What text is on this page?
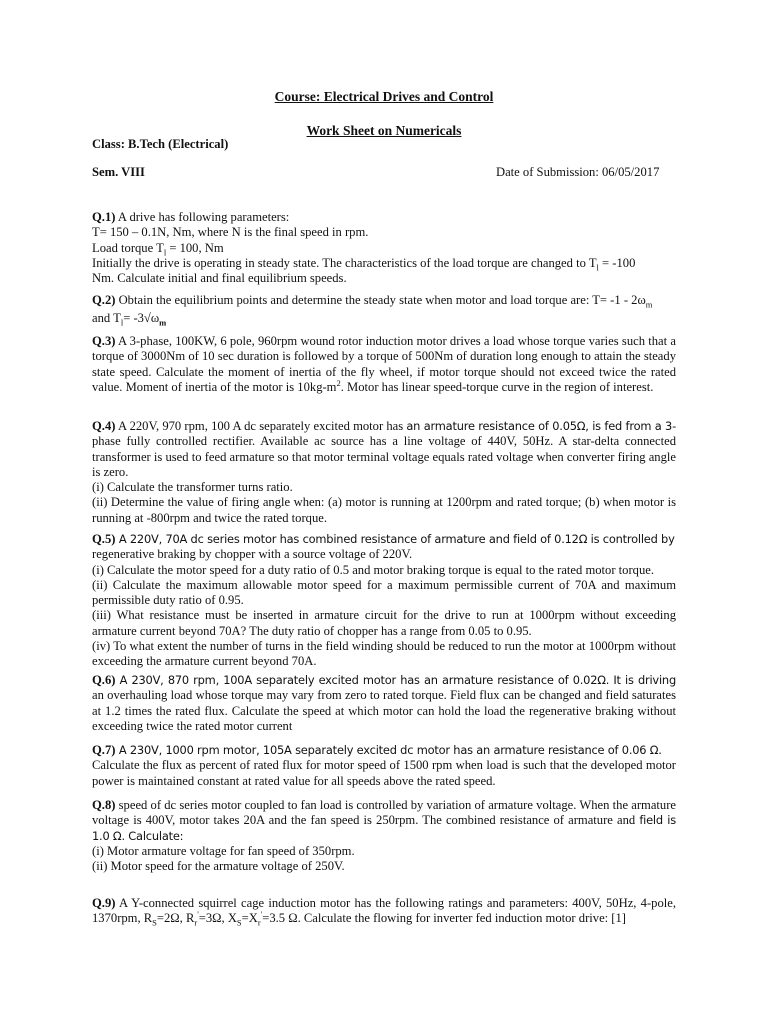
Course: Electrical Drives and Control
Work Sheet on Numericals
Class: B.Tech (Electrical)
Sem. VIII	Date of Submission: 06/05/2017

Q.1) A drive has following parameters:

T= 150 – 0.1N, Nm, where N is the final speed in rpm.

Load torque $T_l = 100$, Nm

Initially the drive is operating in steady state. The characteristics of the load torque are changed to $T_l = -100$

Nm. Calculate initial and final equilibrium speeds.

Q.2) Obtain the equilibrium points and determine the steady state when motor and load torque are: $T= -1 - 2\omega_m$

and $T_l= -3√\omega_m$

Q.3) A 3-phase, 100KW, 6 pole, 960rpm wound rotor induction motor drives a load whose torque varies such that a torque of 3000Nm of 10 sec duration is followed by a torque of 500Nm of duration long enough to attain the steady state speed. Calculate the moment of inertia of the fly wheel, if motor torque should not exceed twice the rated value. Moment of inertia of the motor is $10kg-m^2$. Motor has linear speed-torque curve in the region of interest.

Q.4) A 220V, 970 rpm, 100 A dc separately excited motor has an armature resistance of 0.05Ω, is fed from a 3-phase fully controlled rectifier. Available ac source has a line voltage of 440V, 50Hz. A star-delta connected transformer is used to feed armature so that motor terminal voltage equals rated voltage when converter firing angle is zero.

(i) Calculate the transformer turns ratio.

(ii) Determine the value of firing angle when: (a) motor is running at 1200rpm and rated torque; (b) when motor is running at -800rpm and twice the rated torque.

Q.5) A 220V, 70A dc series motor has combined resistance of armature and field of 0.12Ω is controlled by

regenerative braking by chopper with a source voltage of 220V.

(i) Calculate the motor speed for a duty ratio of 0.5 and motor braking torque is equal to the rated motor torque.

(ii) Calculate the maximum allowable motor speed for a maximum permissible current of 70A and maximum permissible duty ratio of 0.95.

(iii) What resistance must be inserted in armature circuit for the drive to run at 1000rpm without exceeding armature current beyond 70A? The duty ratio of chopper has a range from 0.05 to 0.95.

(iv) To what extent the number of turns in the field winding should be reduced to run the motor at 1000rpm without exceeding the armature current beyond 70A.

Q.6) A 230V, 870 rpm, 100A separately excited motor has an armature resistance of 0.02Ω. It is driving an overhauling load whose torque may vary from zero to rated torque. Field flux can be changed and field saturates at 1.2 times the rated flux. Calculate the speed at which motor can hold the load the regenerative braking without exceeding twice the rated motor current

Q.7) A 230V, 1000 rpm motor, 105A separately excited dc motor has an armature resistance of 0.06 Ω.

Calculate the flux as percent of rated flux for motor speed of 1500 rpm when load is such that the developed motor power is maintained constant at rated value for all speeds above the rated speed.

Q.8) speed of dc series motor coupled to fan load is controlled by variation of armature voltage. When the armature voltage is 400V, motor takes 20A and the fan speed is 250rpm. The combined resistance of armature and field is 1.0 Ω. Calculate:

(i) Motor armature voltage for fan speed of 350rpm.

(ii) Motor speed for the armature voltage of 250V.

Q.9) A Y-connected squirrel cage induction motor has the following ratings and parameters: 400V, 50Hz, 4-pole, 1370rpm, $R_S=2\Omega$, $R_r'=3\Omega$, $X_S=X_r'=3.5$ Ω. Calculate the flowing for inverter fed induction motor drive: [1]
